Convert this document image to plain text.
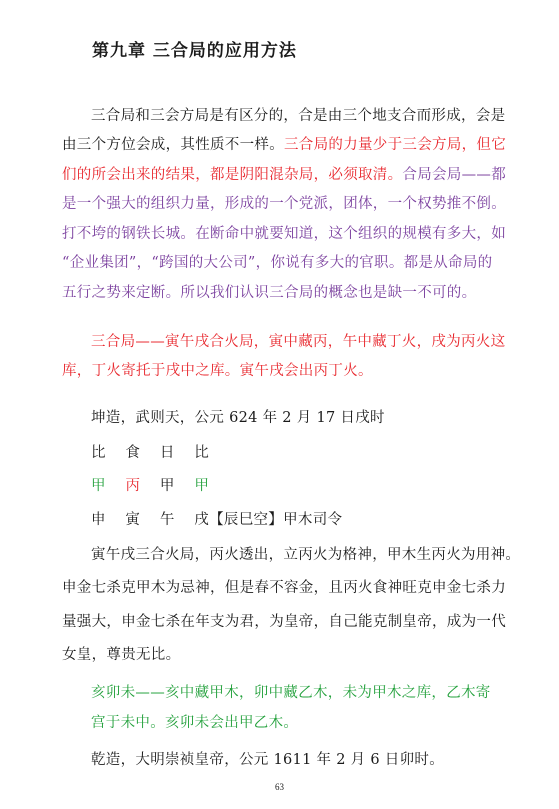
第九章 三合局的应用方法
三合局和三会方局是有区分的，合是由三个地支合而形成，会是
由三个方位会成，其性质不一样。三合局的力量少于三会方局，但它
们的所会出来的结果，都是阴阳混杂局，必须取清。合局会局——都
是一个强大的组织力量，形成的一个党派，团体，一个权势推不倒。
打不垮的钢铁长城。在断命中就要知道，这个组织的规模有多大，如
“企业集团”，“跨国的大公司”，你说有多大的官职。都是从命局的
五行之势来定断。所以我们认识三合局的概念也是缺一不可的。
三合局——寅午戌合火局，寅中藏丙，午中藏丁火，戌为丙火这
库，丁火寄托于戌中之库。寅午戌会出丙丁火。
坤造，武则天，公元 624 年 2 月 17 日戌时
比    食    日    比
甲    丙    甲    甲
申    寅    午    戌【辰巳空】甲木司令
寅午戌三合火局，丙火透出，立丙火为格神，甲木生丙火为用神。
申金七杀克甲木为忌神，但是春不容金，且丙火食神旺克申金七杀力
量强大，申金七杀在年支为君，为皇帝，自己能克制皇帝，成为一代
女皇，尊贵无比。
亥卯未——亥中藏甲木，卯中藏乙木，未为甲木之库，乙木寄
宫于未中。亥卯未会出甲乙木。
乾造，大明崇祯皇帝，公元 1611 年 2 月 6 日卯时。
63
